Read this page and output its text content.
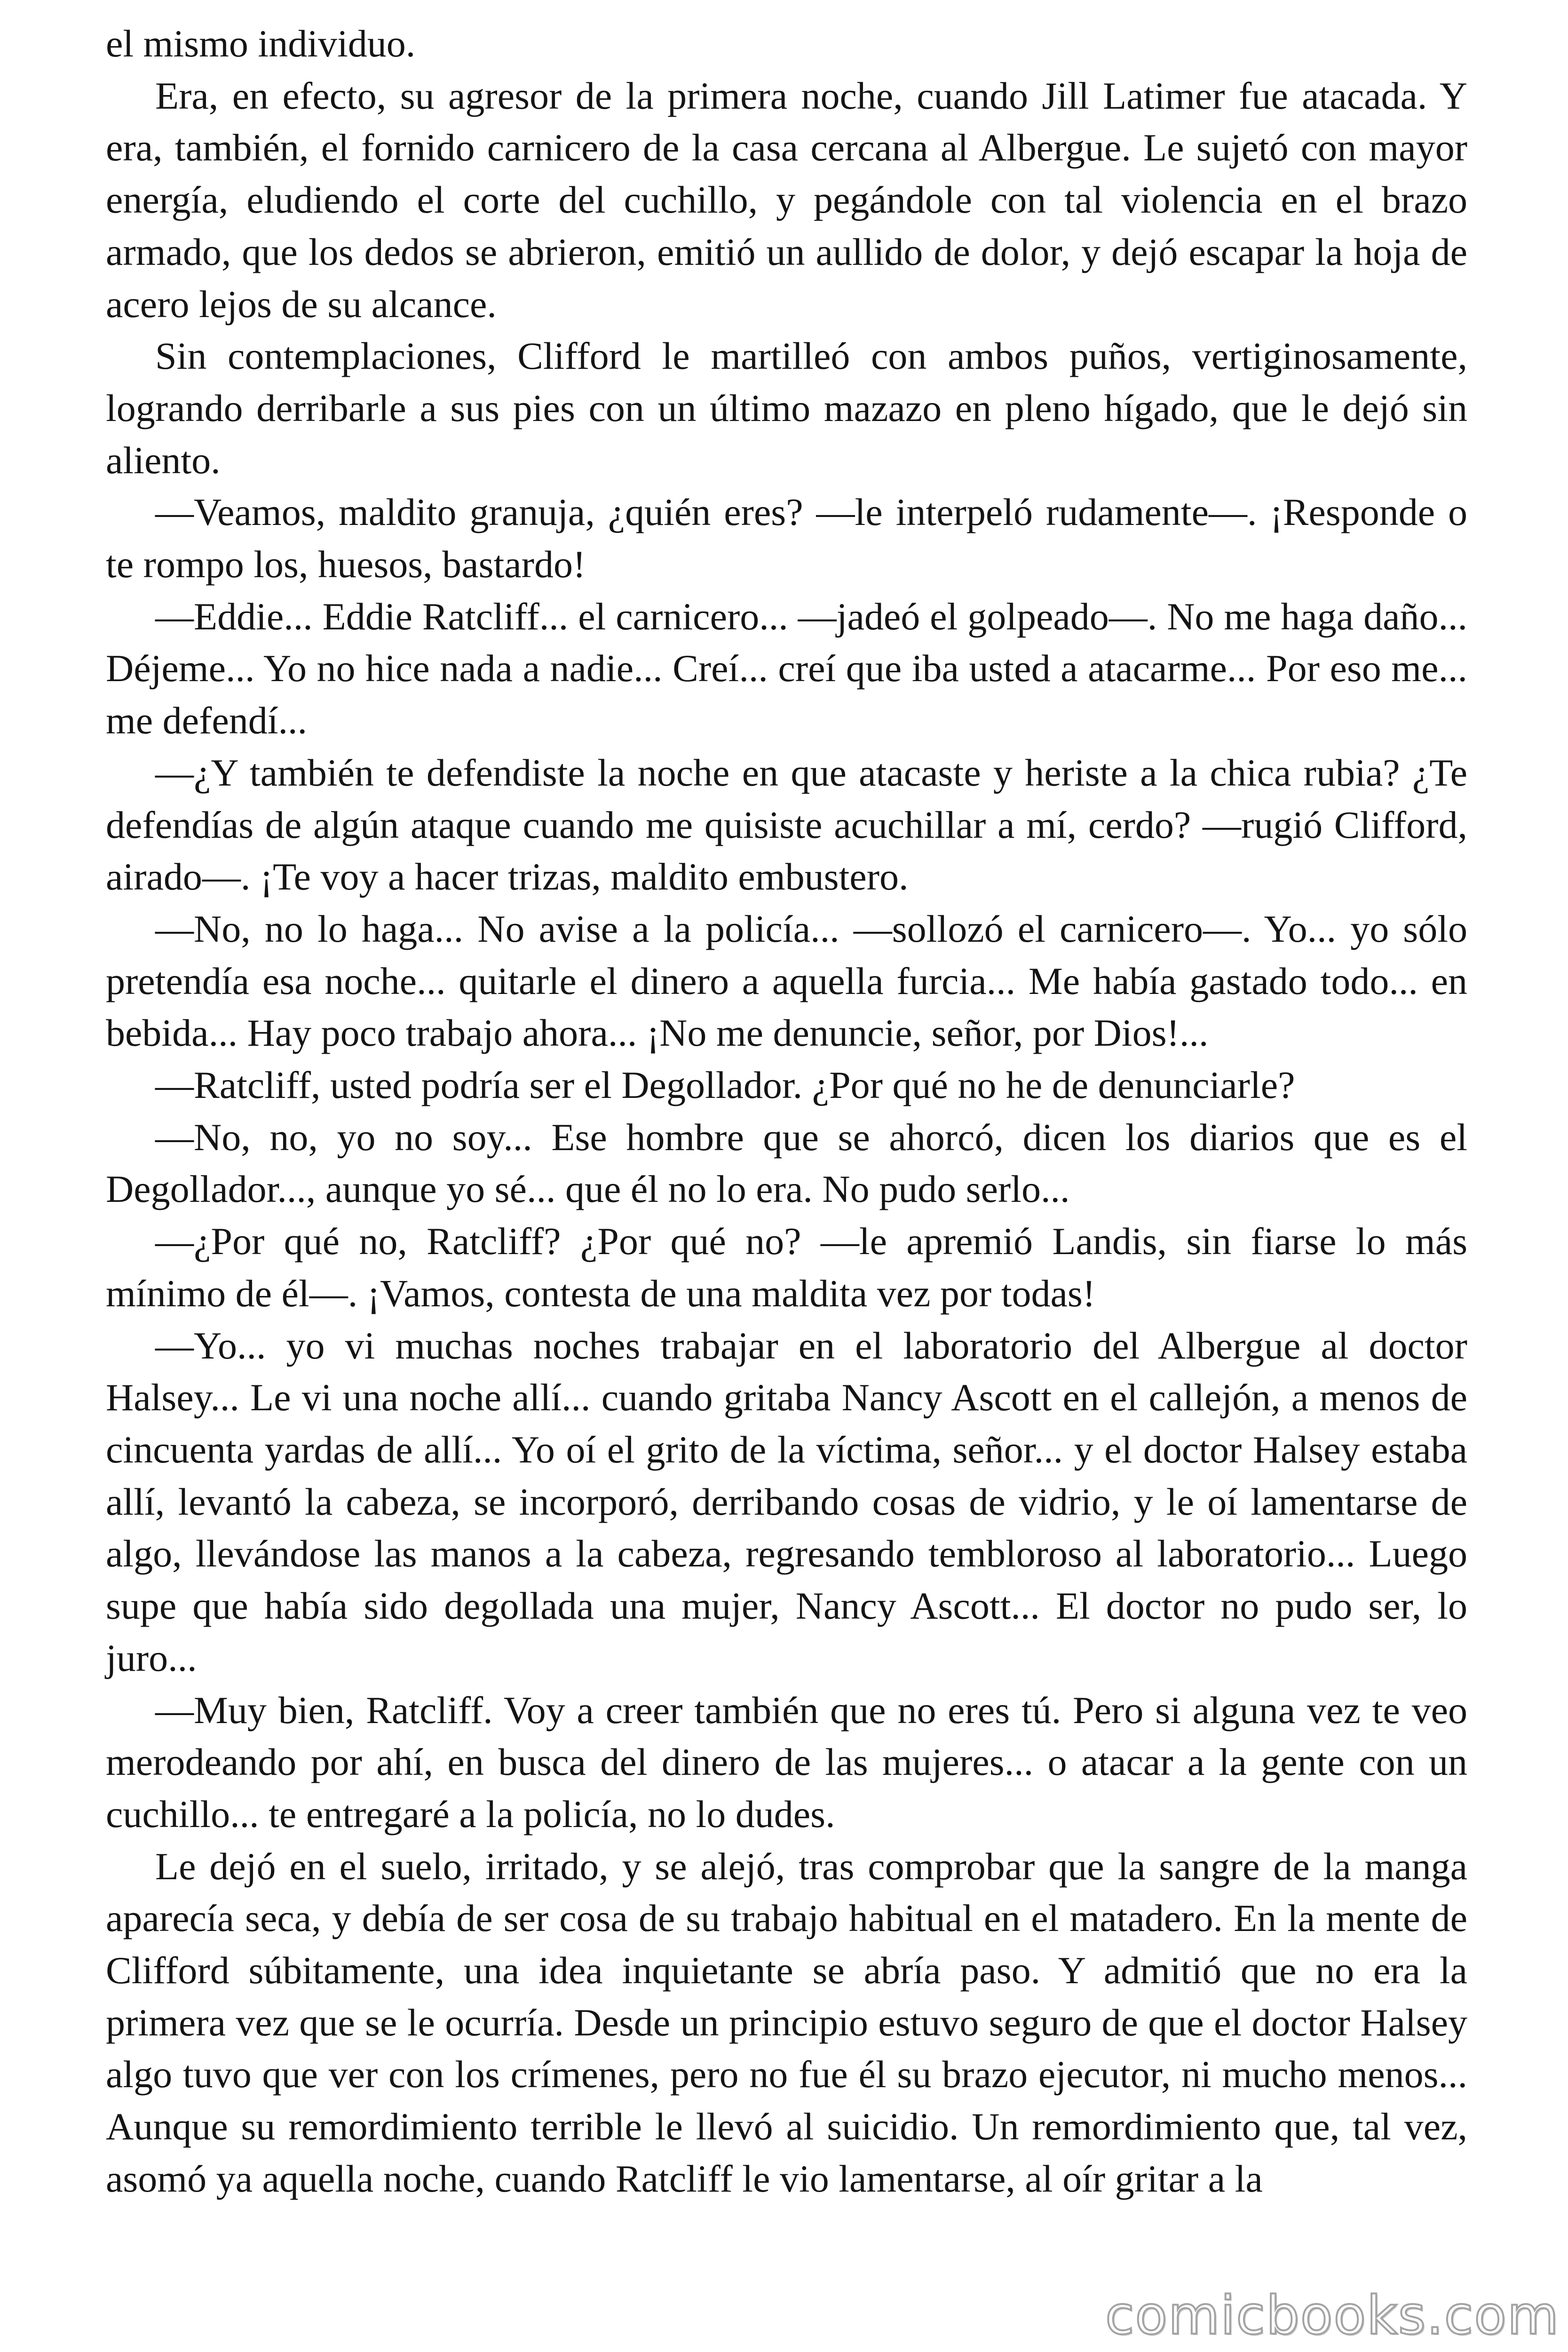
el mismo individuo.

Era, en efecto, su agresor de la primera noche, cuando Jill Latimer fue atacada. Y era, también, el fornido carnicero de la casa cercana al Albergue. Le sujetó con mayor energía, eludiendo el corte del cuchillo, y pegándole con tal violencia en el brazo armado, que los dedos se abrieron, emitió un aullido de dolor, y dejó escapar la hoja de acero lejos de su alcance.

Sin contemplaciones, Clifford le martilleó con ambos puños, vertiginosamente, logrando derribarle a sus pies con un último mazazo en pleno hígado, que le dejó sin aliento.

—Veamos, maldito granuja, ¿quién eres? —le interpeló rudamente—. ¡Responde o te rompo los, huesos, bastardo!

—Eddie... Eddie Ratcliff... el carnicero... —jadeó el golpeado—. No me haga daño... Déjeme... Yo no hice nada a nadie... Creí... creí que iba usted a atacarme... Por eso me... me defendí...

—¿Y también te defendiste la noche en que atacaste y heriste a la chica rubia? ¿Te defendías de algún ataque cuando me quisiste acuchillar a mí, cerdo? —rugió Clifford, airado—. ¡Te voy a hacer trizas, maldito embustero.

—No, no lo haga... No avise a la policía... —sollozó el carnicero—. Yo... yo sólo pretendía esa noche... quitarle el dinero a aquella furcia... Me había gastado todo... en bebida... Hay poco trabajo ahora... ¡No me denuncie, señor, por Dios!...

—Ratcliff, usted podría ser el Degollador. ¿Por qué no he de denunciarle?

—No, no, yo no soy... Ese hombre que se ahorcó, dicen los diarios que es el Degollador..., aunque yo sé... que él no lo era. No pudo serlo...

—¿Por qué no, Ratcliff? ¿Por qué no? —le apremió Landis, sin fiarse lo más mínimo de él—. ¡Vamos, contesta de una maldita vez por todas!

—Yo... yo vi muchas noches trabajar en el laboratorio del Albergue al doctor Halsey... Le vi una noche allí... cuando gritaba Nancy Ascott en el callejón, a menos de cincuenta yardas de allí... Yo oí el grito de la víctima, señor... y el doctor Halsey estaba allí, levantó la cabeza, se incorporó, derribando cosas de vidrio, y le oí lamentarse de algo, llevándose las manos a la cabeza, regresando tembloroso al laboratorio... Luego supe que había sido degollada una mujer, Nancy Ascott... El doctor no pudo ser, lo juro...

—Muy bien, Ratcliff. Voy a creer también que no eres tú. Pero si alguna vez te veo merodeando por ahí, en busca del dinero de las mujeres... o atacar a la gente con un cuchillo... te entregaré a la policía, no lo dudes.

Le dejó en el suelo, irritado, y se alejó, tras comprobar que la sangre de la manga aparecía seca, y debía de ser cosa de su trabajo habitual en el matadero. En la mente de Clifford súbitamente, una idea inquietante se abría paso. Y admitió que no era la primera vez que se le ocurría. Desde un principio estuvo seguro de que el doctor Halsey algo tuvo que ver con los crímenes, pero no fue él su brazo ejecutor, ni mucho menos... Aunque su remordimiento terrible le llevó al suicidio. Un remordimiento que, tal vez, asomó ya aquella noche, cuando Ratcliff le vio lamentarse, al oír gritar a la

comicbooks.com
